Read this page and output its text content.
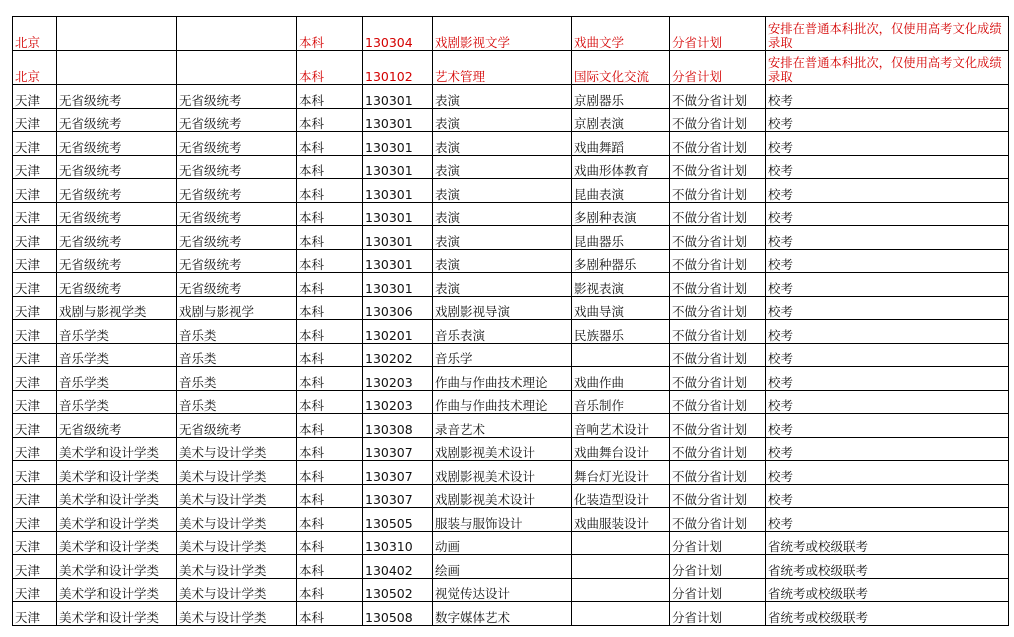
北京			本科	130304	戏剧影视文学	戏曲文学	分省计划	安排在普通本科批次，仅使用高考文化成绩录取
北京			本科	130102	艺术管理	国际文化交流	分省计划	安排在普通本科批次，仅使用高考文化成绩录取
天津	无省级统考	无省级统考	本科	130301	表演	京剧器乐	不做分省计划	校考
天津	无省级统考	无省级统考	本科	130301	表演	京剧表演	不做分省计划	校考
天津	无省级统考	无省级统考	本科	130301	表演	戏曲舞蹈	不做分省计划	校考
天津	无省级统考	无省级统考	本科	130301	表演	戏曲形体教育	不做分省计划	校考
天津	无省级统考	无省级统考	本科	130301	表演	昆曲表演	不做分省计划	校考
天津	无省级统考	无省级统考	本科	130301	表演	多剧种表演	不做分省计划	校考
天津	无省级统考	无省级统考	本科	130301	表演	昆曲器乐	不做分省计划	校考
天津	无省级统考	无省级统考	本科	130301	表演	多剧种器乐	不做分省计划	校考
天津	无省级统考	无省级统考	本科	130301	表演	影视表演	不做分省计划	校考
天津	戏剧与影视学类	戏剧与影视学	本科	130306	戏剧影视导演	戏曲导演	不做分省计划	校考
天津	音乐学类	音乐类	本科	130201	音乐表演	民族器乐	不做分省计划	校考
天津	音乐学类	音乐类	本科	130202	音乐学		不做分省计划	校考
天津	音乐学类	音乐类	本科	130203	作曲与作曲技术理论	戏曲作曲	不做分省计划	校考
天津	音乐学类	音乐类	本科	130203	作曲与作曲技术理论	音乐制作	不做分省计划	校考
天津	无省级统考	无省级统考	本科	130308	录音艺术	音响艺术设计	不做分省计划	校考
天津	美术学和设计学类	美术与设计学类	本科	130307	戏剧影视美术设计	戏曲舞台设计	不做分省计划	校考
天津	美术学和设计学类	美术与设计学类	本科	130307	戏剧影视美术设计	舞台灯光设计	不做分省计划	校考
天津	美术学和设计学类	美术与设计学类	本科	130307	戏剧影视美术设计	化装造型设计	不做分省计划	校考
天津	美术学和设计学类	美术与设计学类	本科	130505	服装与服饰设计	戏曲服装设计	不做分省计划	校考
天津	美术学和设计学类	美术与设计学类	本科	130310	动画		分省计划	省统考或校级联考
天津	美术学和设计学类	美术与设计学类	本科	130402	绘画		分省计划	省统考或校级联考
天津	美术学和设计学类	美术与设计学类	本科	130502	视觉传达设计		分省计划	省统考或校级联考
天津	美术学和设计学类	美术与设计学类	本科	130508	数字媒体艺术		分省计划	省统考或校级联考
